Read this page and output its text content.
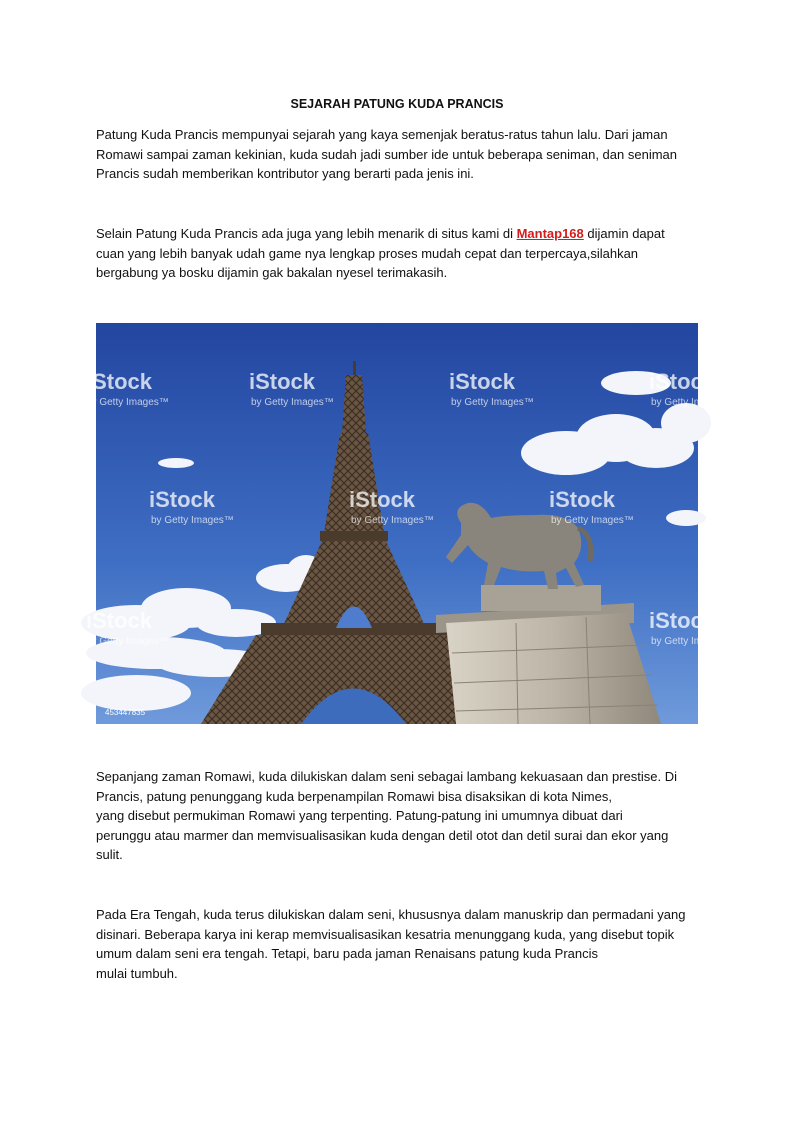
SEJARAH PATUNG KUDA PRANCIS

Patung Kuda Prancis mempunyai sejarah yang kaya semenjak beratus-ratus tahun lalu. Dari jaman
Romawi sampai zaman kekinian, kuda sudah jadi sumber ide untuk beberapa seniman, dan seniman
Prancis sudah memberikan kontributor yang berarti pada jenis ini.

Selain Patung Kuda Prancis ada juga yang lebih menarik di situs kami di Mantap168 dijamin dapat
cuan yang lebih banyak udah game nya lengkap proses mudah cepat dan terpercaya,silahkan
bergabung ya bosku dijamin gak bakalan nyesel terimakasih.

iStock
by Getty Images™
iStock
by Getty Images™
iStock
by Getty Images™
iStock
by Getty Images
iStock
by Getty Images™
iStock
by Getty Images™
iStock
by Getty Images™
iStock
by Getty Images™
iStock
by Getty Images
453447835

Sepanjang zaman Romawi, kuda dilukiskan dalam seni sebagai lambang kekuasaan dan prestise. Di
Prancis, patung penunggang kuda berpenampilan Romawi bisa disaksikan di kota Nimes,
yang disebut permukiman Romawi yang terpenting. Patung-patung ini umumnya dibuat dari
perunggu atau marmer dan memvisualisasikan kuda dengan detil otot dan detil surai dan ekor yang
sulit.

Pada Era Tengah, kuda terus dilukiskan dalam seni, khususnya dalam manuskrip dan permadani yang
disinari. Beberapa karya ini kerap memvisualisasikan kesatria menunggang kuda, yang disebut topik
umum dalam seni era tengah. Tetapi, baru pada jaman Renaisans patung kuda Prancis
mulai tumbuh.
